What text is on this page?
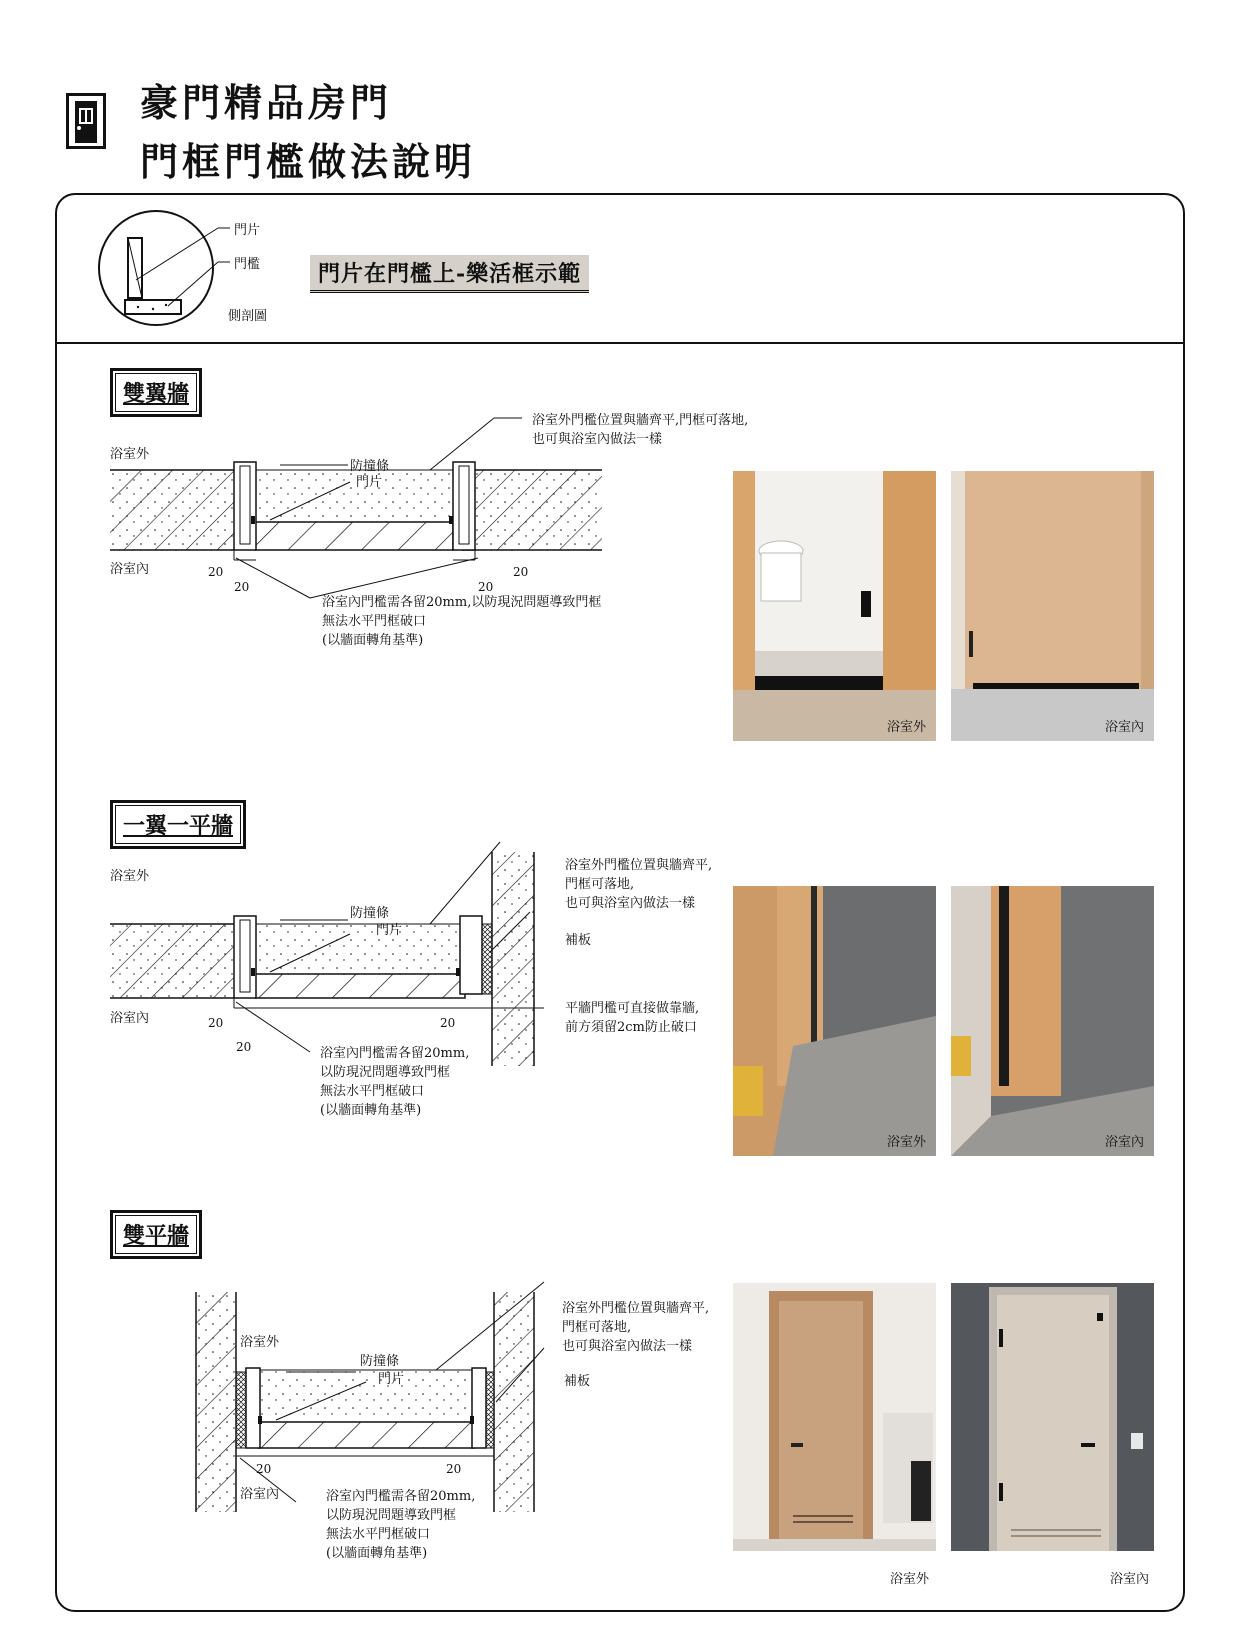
豪門精品房門
門框門檻做法說明
門片
門檻
側剖圖
門片在門檻上-樂活框示範
雙翼牆
浴室外
浴室內
防撞條
門片
浴室外門檻位置與牆齊平,門框可落地,
也可與浴室內做法一樣
浴室內門檻需各留20mm,以防現況問題導致門框
無法水平門框破口
(以牆面轉角基準)
20
20	20
20
浴室外	浴室內
一翼一平牆
浴室外
浴室內
防撞條
門片
補板
浴室外門檻位置與牆齊平,
門框可落地,
也可與浴室內做法一樣
平牆門檻可直接做靠牆,
前方須留2cm防止破口
浴室內門檻需各留20mm,
以防現況問題導致門框
無法水平門框破口
(以牆面轉角基準)
20
20
20
浴室外	浴室內
雙平牆
浴室外
浴室內
防撞條
門片	補板
浴室外門檻位置與牆齊平,
門框可落地,
也可與浴室內做法一樣
浴室內門檻需各留20mm,
以防現況問題導致門框
無法水平門框破口
(以牆面轉角基準)
20	20
浴室外	浴室內
